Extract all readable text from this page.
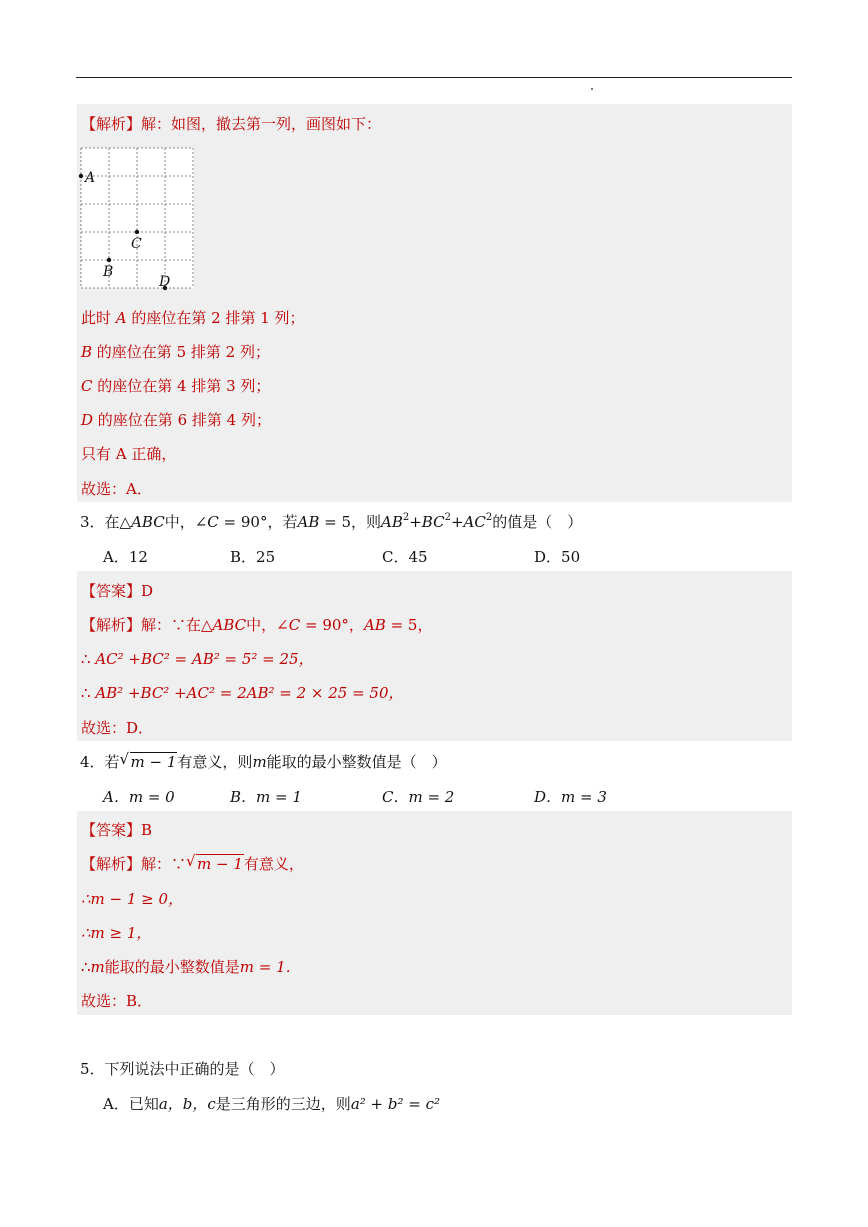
【解析】解：如图，撤去第一列，画图如下：
A
B
C
D
此时 A 的座位在第 2 排第 1 列；
B 的座位在第 5 排第 2 列；
C 的座位在第 4 排第 3 列；
D 的座位在第 6 排第 4 列；
只有 A 正确，
故选：A．
3．在△ABC中，∠C = 90°，若AB = 5，则$AB^2+BC^2+AC^2$的值是（　）
A．12	B．25	C．45	D．50
【答案】D
【解析】解：∵在△ABC中，∠C = 90°，AB = 5，
∴ AC² +BC² = AB² = 5² = 25，
∴ AB² +BC² +AC² = 2AB² = 2 × 25 = 50，
故选：D．
4．若 √ m − 1有意义，则m能取的最小整数值是（　）
A．m = 0	B．m = 1	C．m = 2	D．m = 3
【答案】B
【解析】解：∵ √ m − 1有意义，
∴m − 1 ≥ 0，
∴m ≥ 1，
∴m能取的最小整数值是m = 1．
故选：B．
5．下列说法中正确的是（　）
A．已知a，b，c是三角形的三边，则a² + b² = c²
